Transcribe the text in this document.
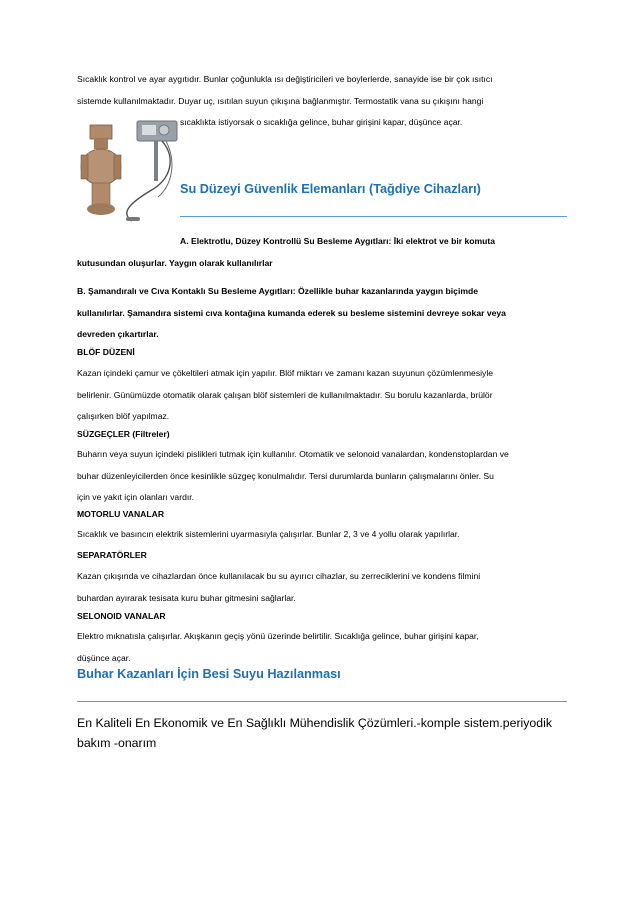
Sıcaklık kontrol ve ayar aygıtıdır. Bunlar çoğunlukla ısı değiştiricileri ve boylerlerde, sanayide ise bir çok ısıtıcı
sistemde kullanılmaktadır. Duyar uç, ısıtılan suyun çıkışına bağlanmıştır. Termostatik vana su çıkışını hangi
sıcaklıkta istiyorsak o sıcaklığa gelince, buhar girişini kapar, düşünce açar.
Su Düzeyi Güvenlik Elemanları (Tağdiye Cihazları)
A. Elektrotlu, Düzey Kontrollü Su Besleme Aygıtları: İki elektrot ve bir komuta
kutusundan oluşurlar. Yaygın olarak kullanılırlar
B. Şamandıralı ve Cıva Kontaklı Su Besleme Aygıtları: Özellikle buhar kazanlarında yaygın biçimde
kullanılırlar. Şamandıra sistemi cıva kontağına kumanda ederek su besleme sistemini devreye sokar veya
devreden çıkartırlar.
BLÖF DÜZENİ
Kazan içindeki çamur ve çökeltileri atmak için yapılır. Blöf miktarı ve zamanı kazan suyunun çözümlenmesiyle
belirlenir. Günümüzde otomatik olarak çalışan blöf sistemleri de kullanılmaktadır. Su borulu kazanlarda, brülör
çalışırken blöf yapılmaz.
SÜZGEÇLER (Filtreler)
Buharın veya suyun içindeki pislikleri tutmak için kullanılır. Otomatik ve selonoid vanalardan, kondenstoplardan ve
buhar düzenleyicilerden önce kesinlikle süzgeç konulmalıdır. Tersi durumlarda bunların çalışmalarını önler. Su
için ve yakıt için olanları vardır.
MOTORLU VANALAR
Sıcaklık ve basıncın elektrik sistemlerini uyarmasıyla çalışırlar. Bunlar 2, 3 ve 4 yollu olarak yapılırlar.
SEPARATÖRLER
Kazan çıkışında ve cihazlardan önce kullanılacak bu su ayırıcı cihazlar, su zerreciklerini ve kondens filmini
buhardan ayırarak tesisata kuru buhar gitmesini sağlarlar.
SELONOID VANALAR
Elektro mıknatısla çalışırlar. Akışkanın geçiş yönü üzerinde belirtilir. Sıcaklığa gelince, buhar girişini kapar,
düşünce açar.
Buhar Kazanları İçin Besi Suyu Hazılanması
En Kaliteli En Ekonomik ve En Sağlıklı Mühendislik Çözümleri.-komple sistem.periyodik
bakım -onarım
